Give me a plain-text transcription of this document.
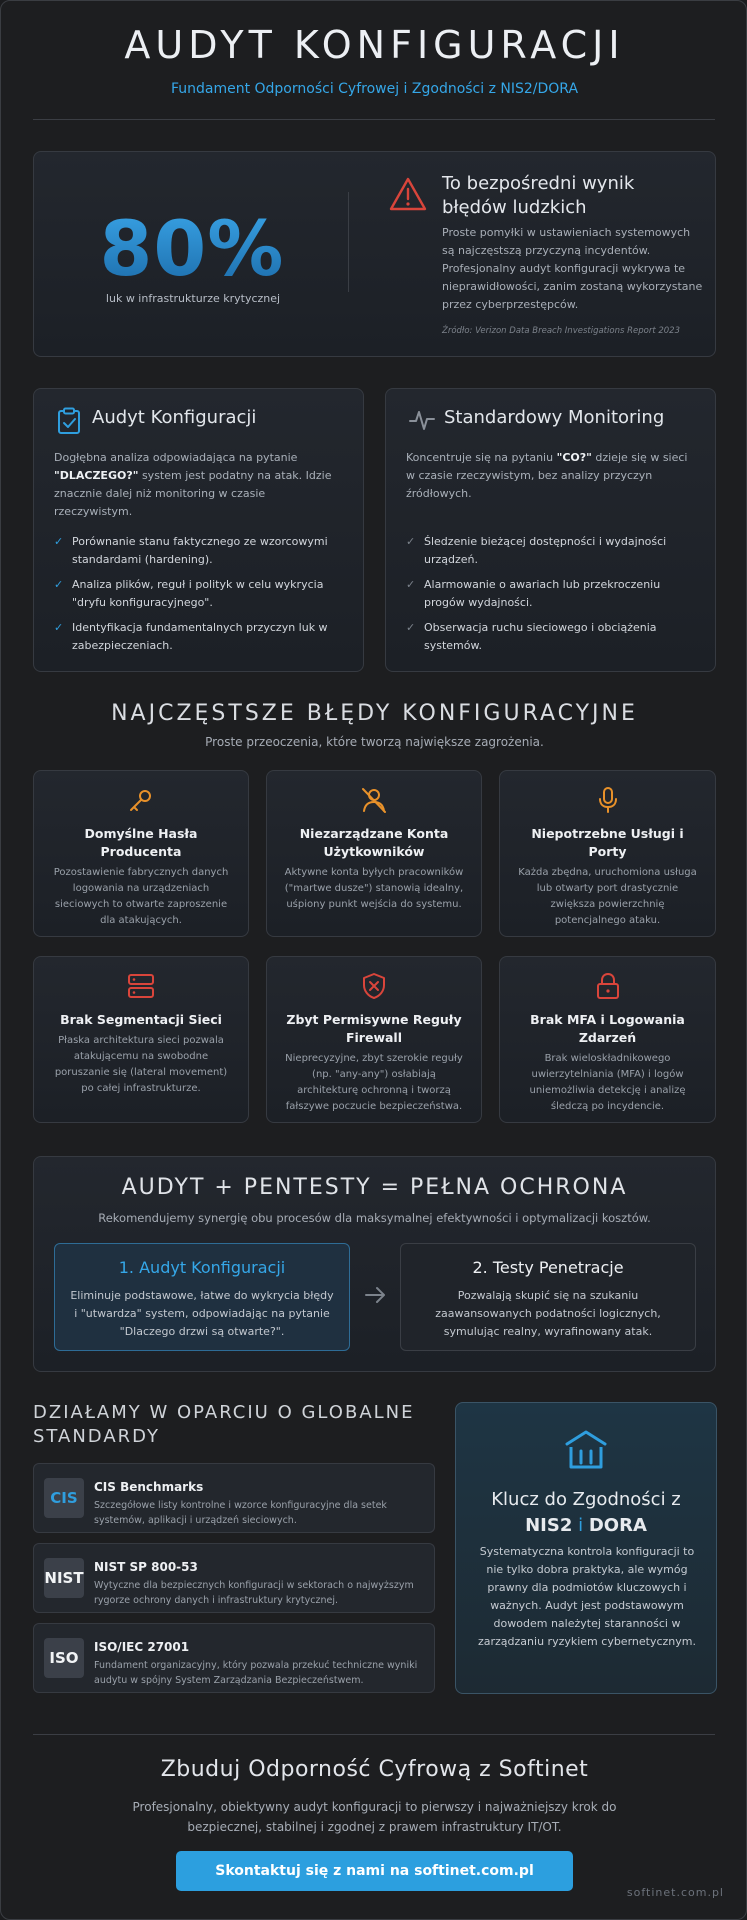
AUDYT KONFIGURACJI
Fundament Odporności Cyfrowej i Zgodności z NIS2/DORA
80%
luk w infrastrukturze krytycznej
To bezpośredni wynik błędów ludzkich
Proste pomyłki w ustawieniach systemowych są najczęstszą przyczyną incydentów. Profesjonalny audyt konfiguracji wykrywa te nieprawidłowości, zanim zostaną wykorzystane przez cyberprzestępców.
Źródło: Verizon Data Breach Investigations Report 2023
Audyt Konfiguracji
Dogłębna analiza odpowiadająca na pytanie "DLACZEGO?" system jest podatny na atak. Idzie znacznie dalej niż monitoring w czasie rzeczywistym.
✓ Porównanie stanu faktycznego ze wzorcowymi standardami (hardening).
✓ Analiza plików, reguł i polityk w celu wykrycia "dryfu konfiguracyjnego".
✓ Identyfikacja fundamentalnych przyczyn luk w zabezpieczeniach.
Standardowy Monitoring
Koncentruje się na pytaniu "CO?" dzieje się w sieci w czasie rzeczywistym, bez analizy przyczyn źródłowych.
✓ Śledzenie bieżącej dostępności i wydajności urządzeń.
✓ Alarmowanie o awariach lub przekroczeniu progów wydajności.
✓ Obserwacja ruchu sieciowego i obciążenia systemów.
NAJCZĘSTSZE BŁĘDY KONFIGURACYJNE
Proste przeoczenia, które tworzą największe zagrożenia.
Domyślne Hasła Producenta
Pozostawienie fabrycznych danych logowania na urządzeniach sieciowych to otwarte zaproszenie dla atakujących.
Niezarządzane Konta Użytkowników
Aktywne konta byłych pracowników ("martwe dusze") stanowią idealny, uśpiony punkt wejścia do systemu.
Niepotrzebne Usługi i Porty
Każda zbędna, uruchomiona usługa lub otwarty port drastycznie zwiększa powierzchnię potencjalnego ataku.
Brak Segmentacji Sieci
Płaska architektura sieci pozwala atakującemu na swobodne poruszanie się (lateral movement) po całej infrastrukturze.
Zbyt Permisywne Reguły Firewall
Nieprecyzyjne, zbyt szerokie reguły (np. "any-any") osłabiają architekturę ochronną i tworzą fałszywe poczucie bezpieczeństwa.
Brak MFA i Logowania Zdarzeń
Brak wieloskładnikowego uwierzytelniania (MFA) i logów uniemożliwia detekcję i analizę śledczą po incydencie.
AUDYT + PENTESTY = PEŁNA OCHRONA
Rekomendujemy synergię obu procesów dla maksymalnej efektywności i optymalizacji kosztów.
1. Audyt Konfiguracji
Eliminuje podstawowe, łatwe do wykrycia błędy i "utwardza" system, odpowiadając na pytanie "Dlaczego drzwi są otwarte?".
2. Testy Penetracje
Pozwalają skupić się na szukaniu zaawansowanych podatności logicznych, symulując realny, wyrafinowany atak.
DZIAŁAMY W OPARCIU O GLOBALNE STANDARDY
CIS
CIS Benchmarks
Szczegółowe listy kontrolne i wzorce konfiguracyjne dla setek systemów, aplikacji i urządzeń sieciowych.
NIST
NIST SP 800-53
Wytyczne dla bezpiecznych konfiguracji w sektorach o najwyższym rygorze ochrony danych i infrastruktury krytycznej.
ISO
ISO/IEC 27001
Fundament organizacyjny, który pozwala przekuć techniczne wyniki audytu w spójny System Zarządzania Bezpieczeństwem.
Klucz do Zgodności z
NIS2 i DORA
Systematyczna kontrola konfiguracji to nie tylko dobra praktyka, ale wymóg prawny dla podmiotów kluczowych i ważnych. Audyt jest podstawowym dowodem należytej staranności w zarządzaniu ryzykiem cybernetycznym.
Zbuduj Odporność Cyfrową z Softinet
Profesjonalny, obiektywny audyt konfiguracji to pierwszy i najważniejszy krok do bezpiecznej, stabilnej i zgodnej z prawem infrastruktury IT/OT.
Skontaktuj się z nami na softinet.com.pl
softinet.com.pl
